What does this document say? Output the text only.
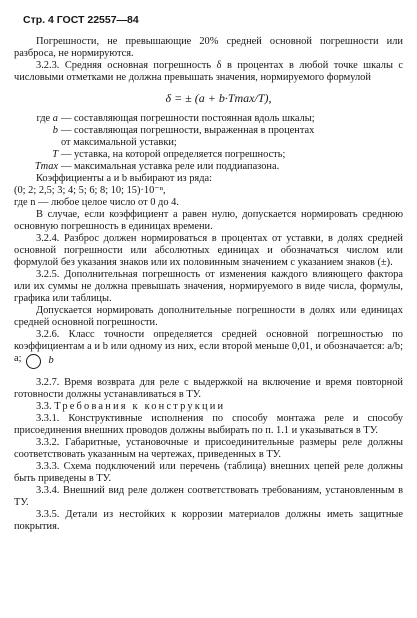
Стр. 4 ГОСТ 22557—84

Погрешности, не превышающие 20% средней основной погрешности или разброса, не нормируются.

3.2.3. Средняя основная погрешность δ в процентах в любой точке шкалы с числовыми отметками не должна превышать значения, нормируемого формулой

δ = ± (a + b·Tmax/T),
где a — составляющая погрешности постоянная вдоль шкалы;
b — составляющая погрешности, выраженная в процентах
от максимальной уставки;
T — уставка, на которой определяется погрешность;
Tmax — максимальная уставка реле или поддиапазона.

Коэффициенты a и b выбирают из ряда:

(0; 2; 2,5; 3; 4; 5; 6; 8; 10; 15)·10⁻ⁿ,

где n — любое целое число от 0 до 4.

В случае, если коэффициент a равен нулю, допускается нормировать среднюю основную погрешность в единицах времени.

3.2.4. Разброс должен нормироваться в процентах от уставки, в долях средней основной погрешности или абсолютных единицах и обозначаться числом или формулой без указания знаков или их половинным значением с указанием знаков (±).

3.2.5. Дополнительная погрешность от изменения каждого влияющего фактора или их суммы не должна превышать значения, нормируемого в виде числа, формулы, графика или таблицы.

Допускается нормировать дополнительные погрешности в долях или единицах средней основной погрешности.

3.2.6. Класс точности определяется средней основной погрешностью по коэффициентам a и b или одному из них, если второй меньше 0,01, и обозначается: a/b; a;	b

3.2.7. Время возврата для реле с выдержкой на включение и время повторной готовности должны устанавливаться в ТУ.

3.3. Требования к конструкции

3.3.1. Конструктивные исполнения по способу монтажа реле и способу присоединения внешних проводов должны выбирать по п. 1.1 и указываться в ТУ.

3.3.2. Габаритные, установочные и присоединительные размеры реле должны соответствовать указанным на чертежах, приведенных в ТУ.

3.3.3. Схема подключений или перечень (таблица) внешних цепей реле должны быть приведены в ТУ.

3.3.4. Внешний вид реле должен соответствовать требованиям, установленным в ТУ.

3.3.5. Детали из нестойких к коррозии материалов должны иметь защитные покрытия.
